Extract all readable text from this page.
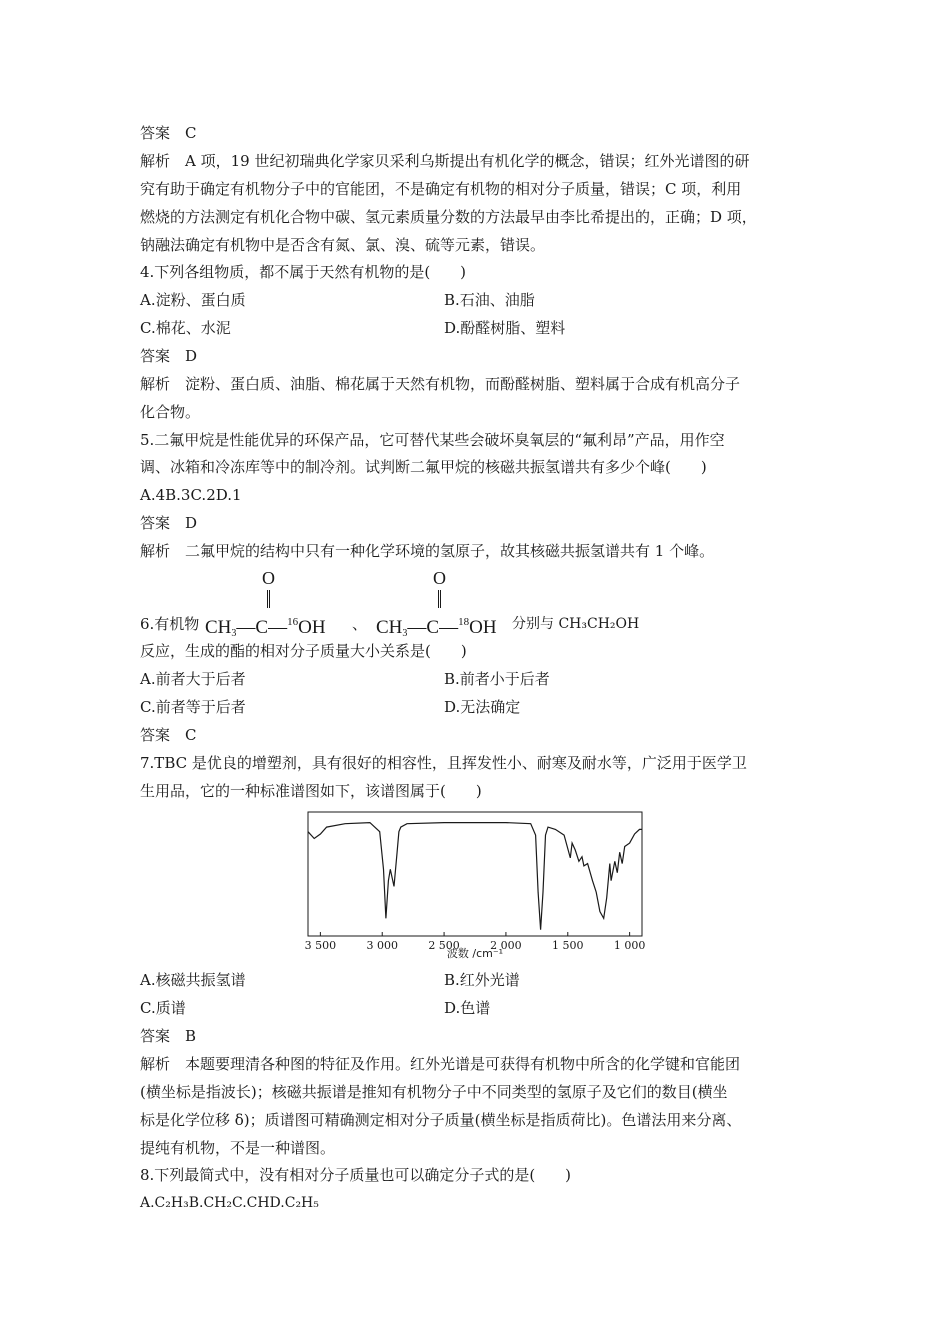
答案　C
解析　A 项，19 世纪初瑞典化学家贝采利乌斯提出有机化学的概念，错误；红外光谱图的研
究有助于确定有机物分子中的官能团，不是确定有机物的相对分子质量，错误；C 项，利用
燃烧的方法测定有机化合物中碳、氢元素质量分数的方法最早由李比希提出的，正确；D 项，
钠融法确定有机物中是否含有氮、氯、溴、硫等元素，错误。
4.下列各组物质，都不属于天然有机物的是(　　)
A.淀粉、蛋白质	B.石油、油脂
C.棉花、水泥	D.酚醛树脂、塑料
答案　D
解析　淀粉、蛋白质、油脂、棉花属于天然有机物，而酚醛树脂、塑料属于合成有机高分子
化合物。
5.二氟甲烷是性能优异的环保产品，它可替代某些会破坏臭氧层的“氟利昂”产品，用作空
调、冰箱和冷冻库等中的制冷剂。试判断二氟甲烷的核磁共振氢谱共有多少个峰(　　)
A.4B.3C.2D.1
答案　D
解析　二氟甲烷的结构中只有一种化学环境的氢原子，故其核磁共振氢谱共有 1 个峰。
6.有机物
O
$CH_3—C—^{16}OH$ 、
O
$CH_3—C—^{18}OH$ 分别与 CH₃CH₂OH
反应，生成的酯的相对分子质量大小关系是(　　)
A.前者大于后者	B.前者小于后者
C.前者等于后者	D.无法确定
答案　C
7.TBC 是优良的增塑剂，具有很好的相容性，且挥发性小、耐寒及耐水等，广泛用于医学卫
生用品，它的一种标准谱图如下，该谱图属于(　　)
3 500	3 000	2 500	2 000	1 500	1 000
波数 /cm⁻¹
A.核磁共振氢谱	B.红外光谱
C.质谱	D.色谱
答案　B
解析　本题要理清各种图的特征及作用。红外光谱是可获得有机物中所含的化学键和官能团
(横坐标是指波长)；核磁共振谱是推知有机物分子中不同类型的氢原子及它们的数目(横坐
标是化学位移 δ)；质谱图可精确测定相对分子质量(横坐标是指质荷比)。色谱法用来分离、
提纯有机物，不是一种谱图。
8.下列最简式中，没有相对分子质量也可以确定分子式的是(　　)
A.C₂H₃B.CH₂C.CHD.C₂H₅
